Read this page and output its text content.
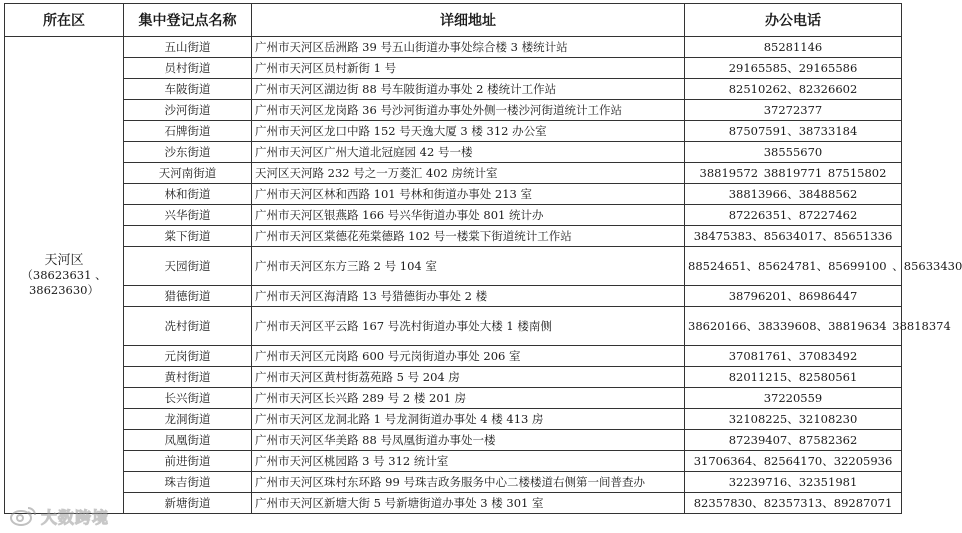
所在区	集中登记点名称	详细地址	办公电话

天河区
（38623631 、
38623630）	五山街道	广州市天河区岳洲路 39 号五山街道办事处综合楼 3 楼统计站	85281146
	员村街道	广州市天河区员村新街 1 号	29165585、29165586
	车陂街道	广州市天河区湖边街 88 号车陂街道办事处 2 楼统计工作站	82510262、82326602
	沙河街道	广州市天河区龙岗路 36 号沙河街道办事处外侧一楼沙河街道统计工作站	37272377
	石牌街道	广州市天河区龙口中路 152 号天逸大厦 3 楼 312 办公室	87507591、38733184
	沙东街道	广州市天河区广州大道北冠庭园 42 号一楼	38555670
	天河南街道	天河区天河路 232 号之一万菱汇 402 房统计室	38819572 38819771 87515802
	林和街道	广州市天河区林和西路 101 号林和街道办事处 213 室	38813966、38488562
	兴华街道	广州市天河区银燕路 166 号兴华街道办事处 801 统计办	87226351、87227462
	棠下街道	广州市天河区棠德花苑棠德路 102 号一楼棠下街道统计工作站	38475383、85634017、85651336
	天园街道	广州市天河区东方三路 2 号 104 室	88524651、85624781、85699100 、85633430
	猎德街道	广州市天河区海清路 13 号猎德街办事处 2 楼	38796201、86986447
	冼村街道	广州市天河区平云路 167 号冼村街道办事处大楼 1 楼南侧	38620166、38339608、38819634 38818374
	元岗街道	广州市天河区元岗路 600 号元岗街道办事处 206 室	37081761、37083492
	黄村街道	广州市天河区黄村街荔苑路 5 号 204 房	82011215、82580561
	长兴街道	广州市天河区长兴路 289 号 2 楼 201 房	37220559
	龙洞街道	广州市天河区龙洞北路 1 号龙洞街道办事处 4 楼 413 房	32108225、32108230
	凤凰街道	广州市天河区华美路 88 号凤凰街道办事处一楼	87239407、87582362
	前进街道	广州市天河区桃园路 3 号 312 统计室	31706364、82564170、32205936
	珠吉街道	广州市天河区珠村东环路 99 号珠吉政务服务中心二楼楼道右侧第一间普查办	32239716、32351981
	新塘街道	广州市天河区新塘大街 5 号新塘街道办事处 3 楼 301 室	82357830、82357313、89287071
大数跨境
